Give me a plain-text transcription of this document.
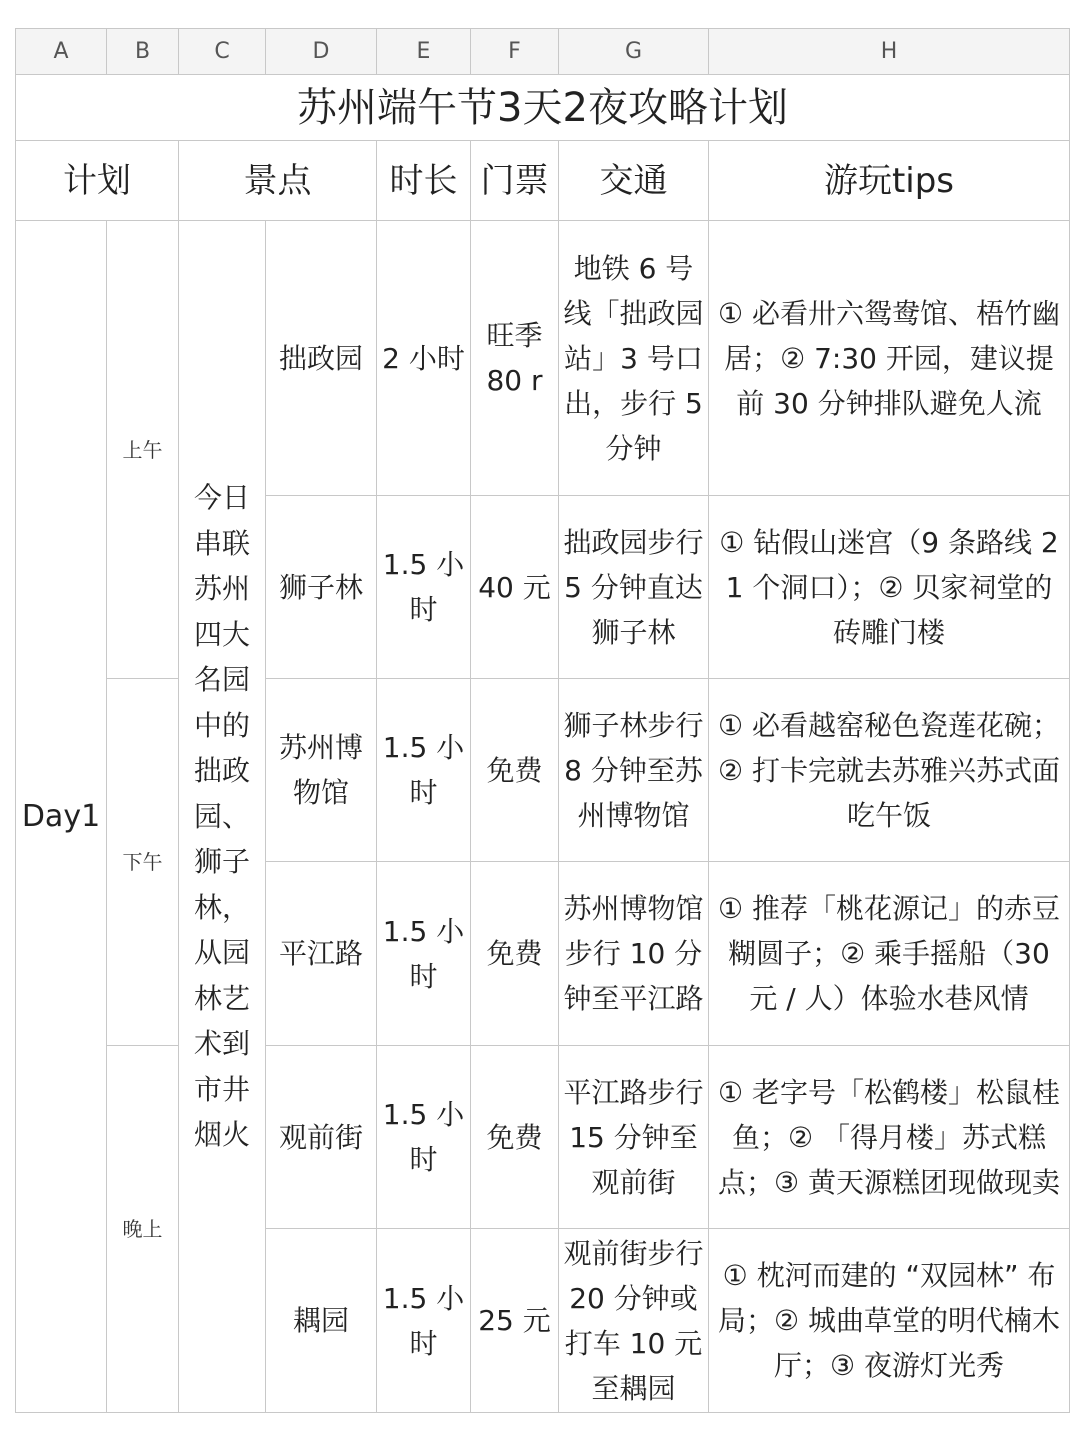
A	B	C	D	E	F	G	H
苏州端午节3天2夜攻略计划							
计划		景点		时长	门票	交通	游玩tips
Day1	上午	今日串联苏州四大名园中的拙政园、狮子林，从园林艺术到市井烟火	拙政园	2 小时	旺季 80 r	地铁 6 号线「拙政园站」3 号口出，步行 5 分钟	① 必看卅六鸳鸯馆、梧竹幽居；② 7:30 开园，建议提前 30 分钟排队避免人流
			狮子林	1.5 小时	40 元	拙政园步行 5 分钟直达狮子林	① 钻假山迷宫（9 条路线 21 个洞口）；② 贝家祠堂的砖雕门楼
	下午		苏州博物馆	1.5 小时	免费	狮子林步行 8 分钟至苏州博物馆	① 必看越窑秘色瓷莲花碗；② 打卡完就去苏雅兴苏式面吃午饭
			平江路	1.5 小时	免费	苏州博物馆步行 10 分钟至平江路	① 推荐「桃花源记」的赤豆糊圆子；② 乘手摇船（30 元 / 人）体验水巷风情
	晚上		观前街	1.5 小时	免费	平江路步行 15 分钟至观前街	① 老字号「松鹤楼」松鼠桂鱼；② 「得月楼」苏式糕点；③ 黄天源糕团现做现卖
			耦园	1.5 小时	25 元	观前街步行 20 分钟或打车 10 元至耦园	① 枕河而建的 “双园林” 布局；② 城曲草堂的明代楠木厅；③ 夜游灯光秀
